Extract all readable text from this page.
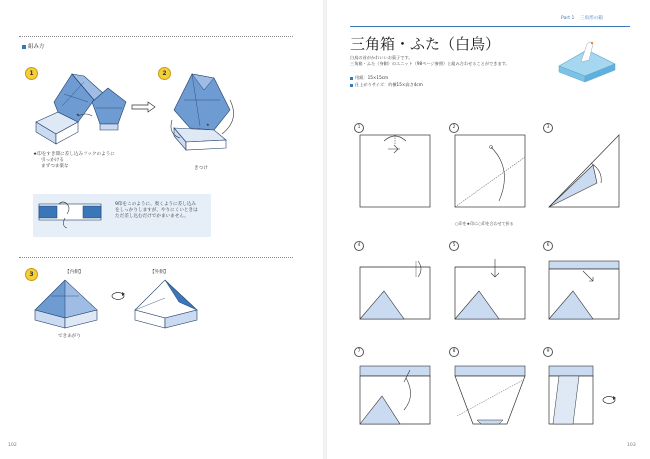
組み方
1
★
★印をすき間に差し込みフックのように
引っかける
まずつま楽な
2
★
きつけ
9印をこのように、奥くように差し込み
をしっかりしますが、やりにくいときは
ただ差し込むだけでかまいません。
3	【内側】	【外側】
できあがり
102
Part 1 三角形の箱
三角箱・ふた（白鳥）
白鳥の首がかわいいお菓子です。
三角箱・ふた（身側）のユニット（98ページ参照）と組み合わせることができます。
用紙：15×15cm
仕上がりサイズ：約横15×高さ4cm
1	2
○印を★印に○印を合わせて折る
3
4	5	6
7	8	9
103
